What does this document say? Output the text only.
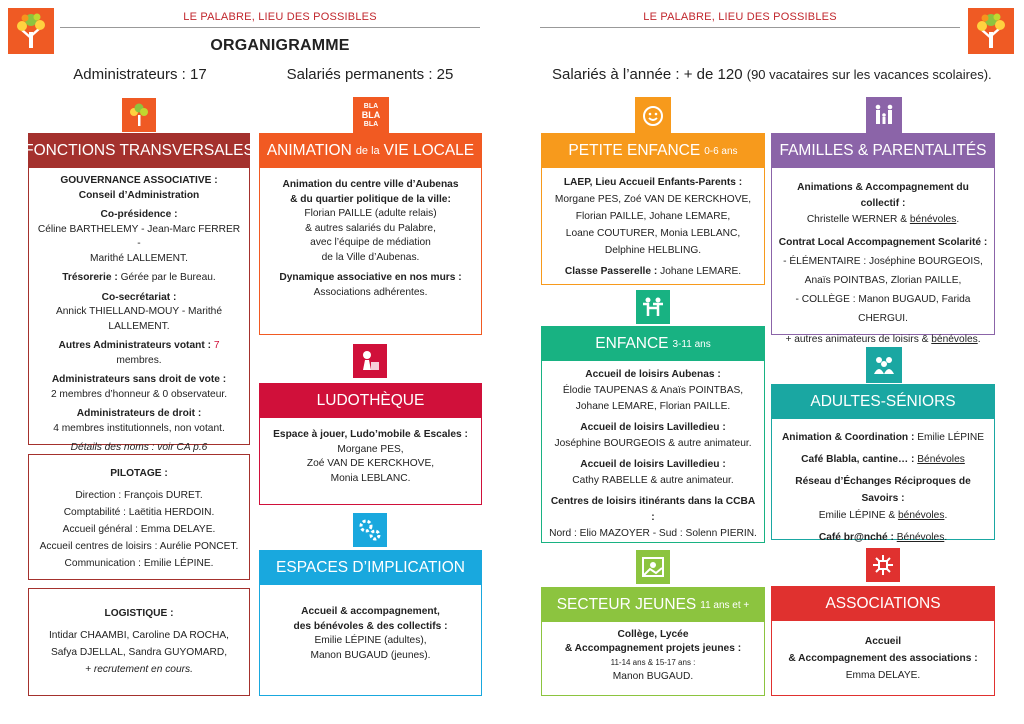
LE PALABRE, LIEU DES POSSIBLES	LE PALABRE, LIEU DES POSSIBLES
ORGANIGRAMME
Administrateurs : 17	Salariés permanents : 25	Salariés à l’année : + de 120 (90 vacataires sur les vacances scolaires).
FONCTIONS TRANSVERSALES

GOUVERNANCE ASSOCIATIVE :
Conseil d’Administration

Co-présidence :
Céline BARTHELEMY - Jean-Marc FERRER -
Marithé LALLEMENT.

Trésorerie : Gérée par le Bureau.

Co-secrétariat :
Annick THIELLAND-MOUY - Marithé LALLEMENT.

Autres Administrateurs votant : 7 membres.

Administrateurs sans droit de vote :
2 membres d’honneur & 0 observateur.

Administrateurs de droit :
4 membres institutionnels, non votant.

Détails des noms : voir CA p.6

PILOTAGE :

Direction : François DURET.
Comptabilité : Laëtitia HERDOIN.
Accueil général : Emma DELAYE.
Accueil centres de loisirs : Aurélie PONCET.
Communication : Emilie LÉPINE.

LOGISTIQUE :

Intidar CHAAMBI, Caroline DA ROCHA,
Safya DJELLAL, Sandra GUYOMARD,
+ recrutement en cours.

BLA
BLA
BLA
ANIMATION de la VIE LOCALE

Animation du centre ville d’Aubenas
& du quartier politique de la ville:
Florian PAILLE (adulte relais)
& autres salariés du Palabre,
avec l’équipe de médiation
de la Ville d’Aubenas.

Dynamique associative en nos murs :
Associations adhérentes.

LUDOTHÈQUE

Espace à jouer, Ludo’mobile & Escales :
Morgane PES,
Zoé VAN DE KERCKHOVE,
Monia LEBLANC.

ESPACES D’IMPLICATION

Accueil & accompagnement,
des bénévoles & des collectifs :
Emilie LÉPINE (adultes),
Manon BUGAUD (jeunes).

PETITE ENFANCE 0-6 ans

LAEP, Lieu Accueil Enfants-Parents :
Morgane PES, Zoé VAN DE KERCKHOVE,
Florian PAILLE, Johane LEMARE,
Loane COUTURER, Monia LEBLANC,
Delphine HELBLING.

Classe Passerelle : Johane LEMARE.

ENFANCE 3-11 ans

Accueil de loisirs Aubenas :
Élodie TAUPENAS & Anaïs POINTBAS,
Johane LEMARE, Florian PAILLE.

Accueil de loisirs Lavilledieu :
Joséphine BOURGEOIS & autre animateur.

Accueil de loisirs Lavilledieu :
Cathy RABELLE & autre animateur.

Centres de loisirs itinérants dans la CCBA :
Nord : Elio MAZOYER - Sud : Solenn PIERIN.

SECTEUR JEUNES 11 ans et +
Collège, Lycée
& Accompagnement projets jeunes :
11-14 ans & 15-17 ans :
Manon BUGAUD.
FAMILLES & PARENTALITÉS

Animations & Accompagnement du collectif :
Christelle WERNER & bénévoles.

Contrat Local Accompagnement Scolarité :
- ÉLÉMENTAIRE : Joséphine BOURGEOIS,
Anaïs POINTBAS, Zlorian PAILLE,
- COLLÈGE : Manon BUGAUD, Farida CHERGUI.

+ autres animateurs de loisirs & bénévoles.

ADULTES-SÉNIORS

Animation & Coordination : Emilie LÉPINE

Café Blabla, cantine… : Bénévoles

Réseau d’Échanges Réciproques de Savoirs :
Emilie LÉPINE & bénévoles.

Café br@nché : Bénévoles.

ASSOCIATIONS
Accueil
& Accompagnement des associations :
Emma DELAYE.
